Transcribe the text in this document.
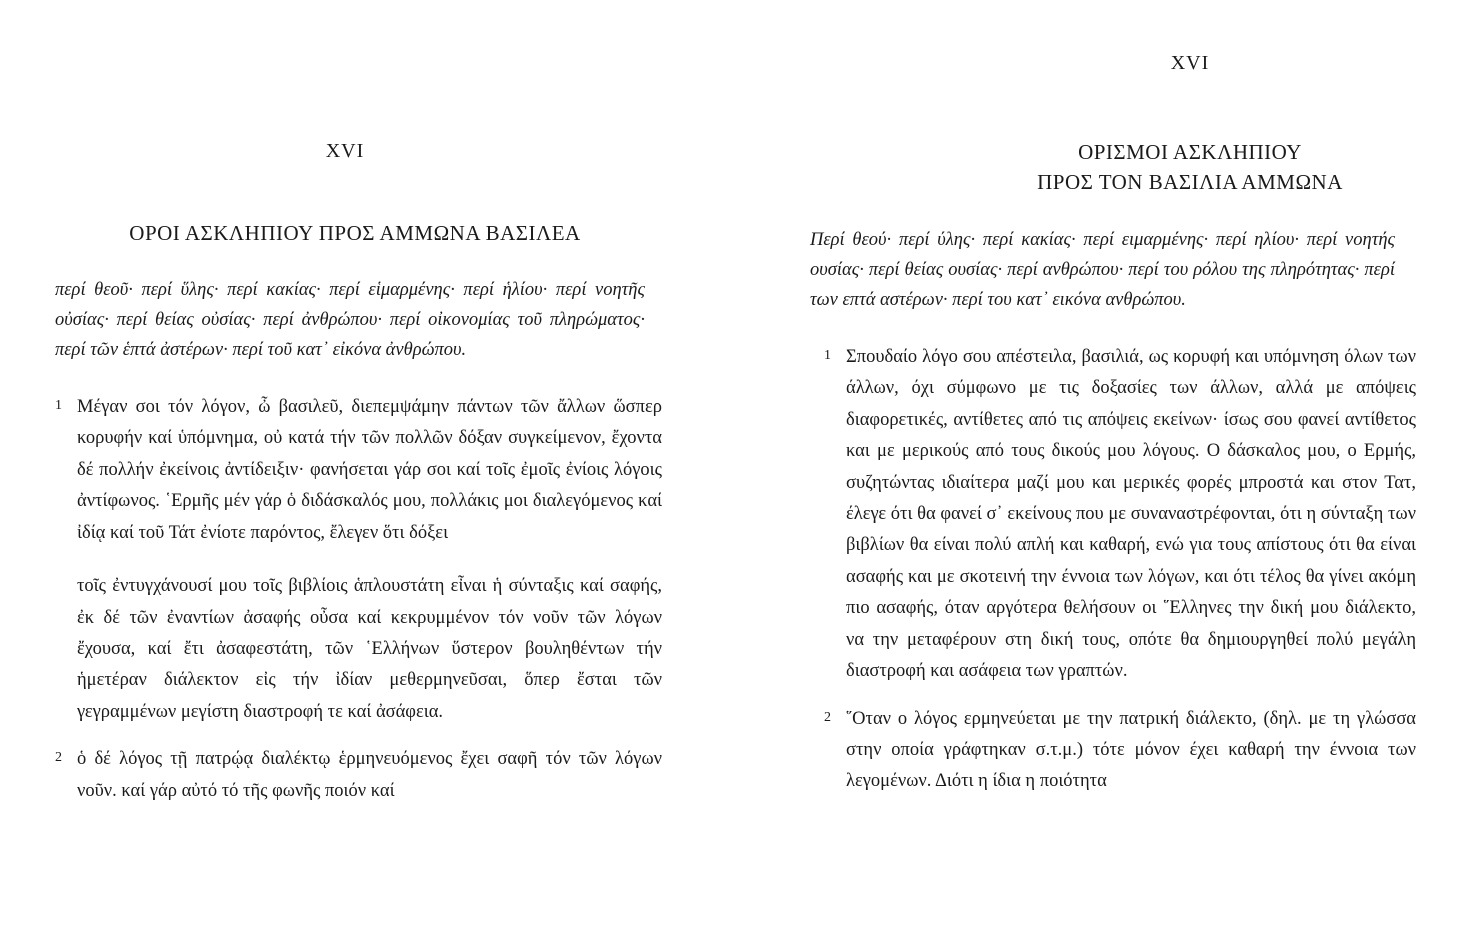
XVI
ΟΡΟΙ ΑΣΚΛΗΠΙΟΥ ΠΡΟΣ ΑΜΜΩΝΑ ΒΑΣΙΛΕΑ
περί θεοῦ· περί ὕλης· περί κακίας· περί εἱμαρμένης· περί ἡλίου· περί νοητῆς οὐσίας· περί θείας οὐσίας· περί ἀνθρώπου· περί οἰκονομίας τοῦ πληρώματος· περί τῶν ἑπτά ἀστέρων· περί τοῦ κατ᾽ εἰκόνα ἀνθρώπου.
1 Μέγαν σοι τόν λόγον, ὦ βασιλεῦ, διεπεμψάμην πάντων τῶν ἄλλων ὥσπερ κορυφήν καί ὑπόμνημα, οὐ κατά τήν τῶν πολλῶν δόξαν συγκείμενον, ἔχοντα δέ πολλήν ἐκείνοις ἀντίδειξιν· φανήσεται γάρ σοι καί τοῖς ἐμοῖς ἐνίοις λόγοις ἀντίφωνος. ῾Ερμῆς μέν γάρ ὁ διδάσκαλός μου, πολλάκις μοι διαλεγόμενος καί ἰδίᾳ καί τοῦ Τάτ ἐνίοτε παρόντος, ἔλεγεν ὅτι δόξει
τοῖς ἐντυγχάνουσί μου τοῖς βιβλίοις ἁπλουστάτη εἶναι ἡ σύνταξις καί σαφής, ἐκ δέ τῶν ἐναντίων ἀσαφής οὖσα καί κεκρυμμένον τόν νοῦν τῶν λόγων ἔχουσα, καί ἔτι ἀσαφεστάτη, τῶν ῾Ελλήνων ὕστερον βουληθέντων τήν ἡμετέραν διάλεκτον εἰς τήν ἰδίαν μεθερμηνεῦσαι, ὅπερ ἔσται τῶν γεγραμμένων μεγίστη διαστροφή τε καί ἀσάφεια.
2 ὁ δέ λόγος τῇ πατρῴᾳ διαλέκτῳ ἑρμηνευόμενος ἔχει σαφῆ τόν τῶν λόγων νοῦν. καί γάρ αὐτό τό τῆς φωνῆς ποιόν καί
XVI
ΟΡΙΣΜΟΙ ΑΣΚΛΗΠΙΟΥ
ΠΡΟΣ ΤΟΝ ΒΑΣΙΛΙΑ ΑΜΜΩΝΑ
Περί θεού· περί ύλης· περί κακίας· περί ειμαρμένης· περί ηλίου· περί νοητής ουσίας· περί θείας ουσίας· περί ανθρώπου· περί του ρόλου της πληρότητας· περί των επτά αστέρων· περί του κατ᾽ εικόνα ανθρώπου.
1 Σπουδαίο λόγο σου απέστειλα, βασιλιά, ως κορυφή και υπόμνηση όλων των άλλων, όχι σύμφωνο με τις δοξασίες των άλλων, αλλά με απόψεις διαφορετικές, αντίθετες από τις απόψεις εκείνων· ίσως σου φανεί αντίθετος και με μερικούς από τους δικούς μου λόγους. Ο δάσκαλος μου, ο Ερμής, συζητώντας ιδιαίτερα μαζί μου και μερικές φορές μπροστά και στον Τατ, έλεγε ότι θα φανεί σ᾽ εκείνους που με συναναστρέφονται, ότι η σύνταξη των βιβλίων θα είναι πολύ απλή και καθαρή, ενώ για τους απίστους ότι θα είναι ασαφής και με σκοτεινή την έννοια των λόγων, και ότι τέλος θα γίνει ακόμη πιο ασαφής, όταν αργότερα θελήσουν οι ῞Ελληνες την δική μου διάλεκτο, να την μεταφέρουν στη δική τους, οπότε θα δημιουργηθεί πολύ μεγάλη διαστροφή και ασάφεια των γραπτών.
2 ῞Οταν ο λόγος ερμηνεύεται με την πατρική διάλεκτο, (δηλ. με τη γλώσσα στην οποία γράφτηκαν σ.τ.μ.) τότε μόνον έχει καθαρή την έννοια των λεγομένων. Διότι η ίδια η ποιότητα
